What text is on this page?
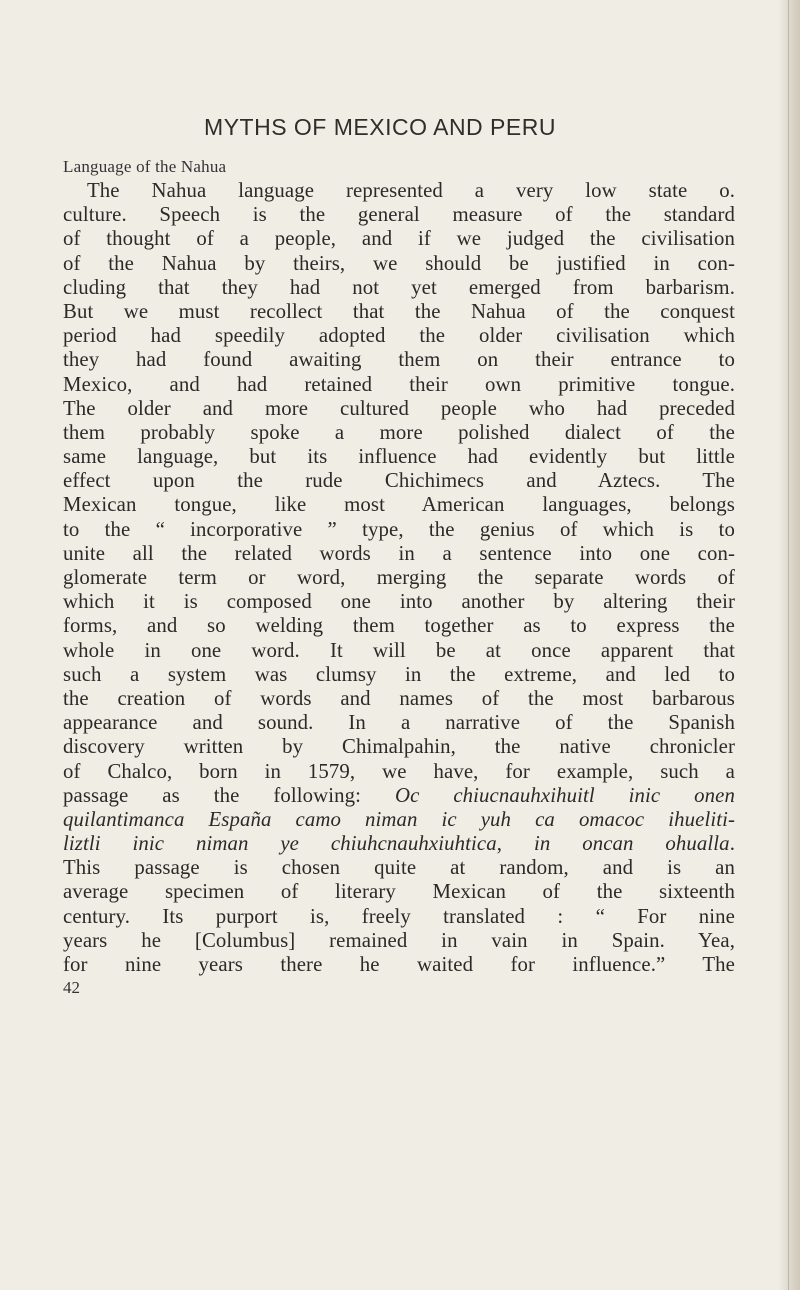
MYTHS OF MEXICO AND PERU
Language of the Nahua
The Nahua language represented a very low state o.
culture. Speech is the general measure of the standard
of thought of a people, and if we judged the civilisation
of the Nahua by theirs, we should be justified in con-
cluding that they had not yet emerged from barbarism.
But we must recollect that the Nahua of the conquest
period had speedily adopted the older civilisation which
they had found awaiting them on their entrance to
Mexico, and had retained their own primitive tongue.
The older and more cultured people who had preceded
them probably spoke a more polished dialect of the
same language, but its influence had evidently but little
effect upon the rude Chichimecs and Aztecs. The
Mexican tongue, like most American languages, belongs
to the “ incorporative ” type, the genius of which is to
unite all the related words in a sentence into one con-
glomerate term or word, merging the separate words of
which it is composed one into another by altering their
forms, and so welding them together as to express the
whole in one word. It will be at once apparent that
such a system was clumsy in the extreme, and led to
the creation of words and names of the most barbarous
appearance and sound. In a narrative of the Spanish
discovery written by Chimalpahin, the native chronicler
of Chalco, born in 1579, we have, for example, such a
passage as the following: Oc chiucnauhxihuitl inic onen
quilantimanca España camo niman ic yuh ca omacoc ihueliti-
liztli inic niman ye chiuhcnauhxiuhtica, in oncan ohualla.
This passage is chosen quite at random, and is an
average specimen of literary Mexican of the sixteenth
century. Its purport is, freely translated : “ For nine
years he [Columbus] remained in vain in Spain. Yea,
for nine years there he waited for influence.” The
42
